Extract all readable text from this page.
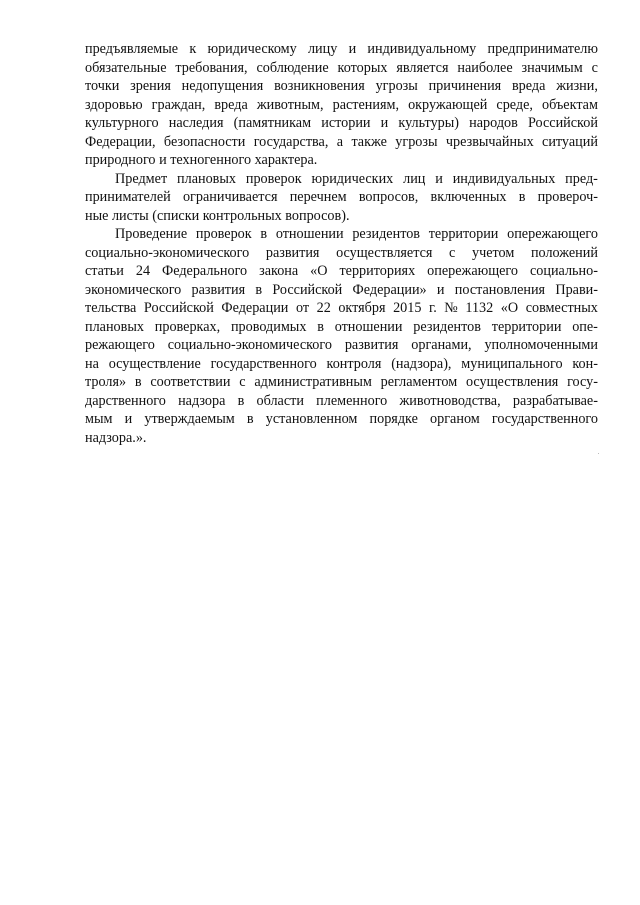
предъявляемые к юридическому лицу и индивидуальному предпринимателю
обязательные требования, соблюдение которых является наиболее значимым с
точки зрения недопущения возникновения угрозы причинения вреда жизни,
здоровью граждан, вреда животным, растениям, окружающей среде, объектам
культурного наследия (памятникам истории и культуры) народов Российской
Федерации, безопасности государства, а также угрозы чрезвычайных ситуаций
природного и техногенного характера.
Предмет плановых проверок юридических лиц и индивидуальных пред-
принимателей ограничивается перечнем вопросов, включенных в провероч-
ные листы (списки контрольных вопросов).
Проведение проверок в отношении резидентов территории опережающего
социально-экономического развития осуществляется с учетом положений
статьи 24 Федерального закона «О территориях опережающего социально-
экономического развития в Российской Федерации» и постановления Прави-
тельства Российской Федерации от 22 октября 2015 г. № 1132 «О совместных
плановых проверках, проводимых в отношении резидентов территории опе-
режающего социально-экономического развития органами, уполномоченными
на осуществление государственного контроля (надзора), муниципального кон-
троля» в соответствии с административным регламентом осуществления госу-
дарственного надзора в области племенного животноводства, разрабатывае-
мым и утверждаемым в установленном порядке органом государственного
надзора.».
